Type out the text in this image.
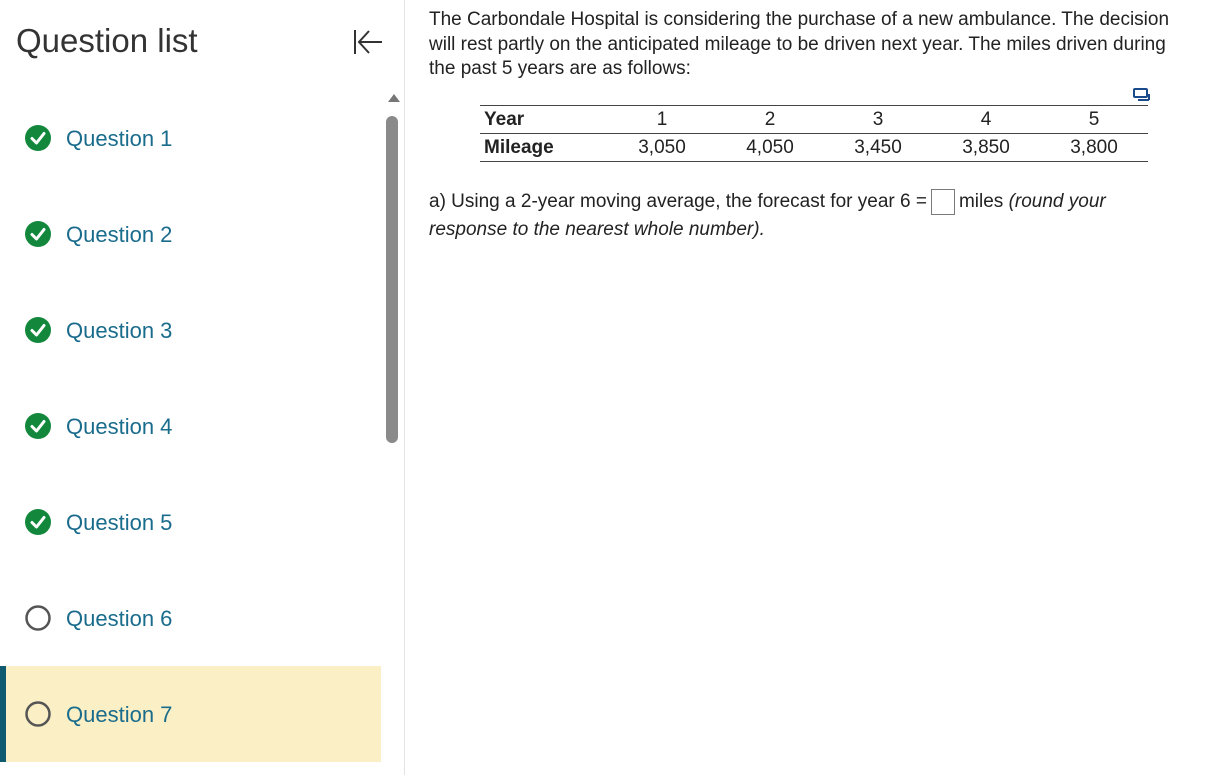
Question list
Question 1
Question 2
Question 3
Question 4
Question 5
Question 6
Question 7
The Carbondale Hospital is considering the purchase of a new ambulance. The decision will rest partly on the anticipated mileage to be driven next year. The miles driven during the past 5 years are as follows:
Year	1	2	3	4	5
Mileage	3,050	4,050	3,450	3,850	3,800
a) Using a 2-year moving average, the forecast for year 6 = miles (round your response to the nearest whole number).
